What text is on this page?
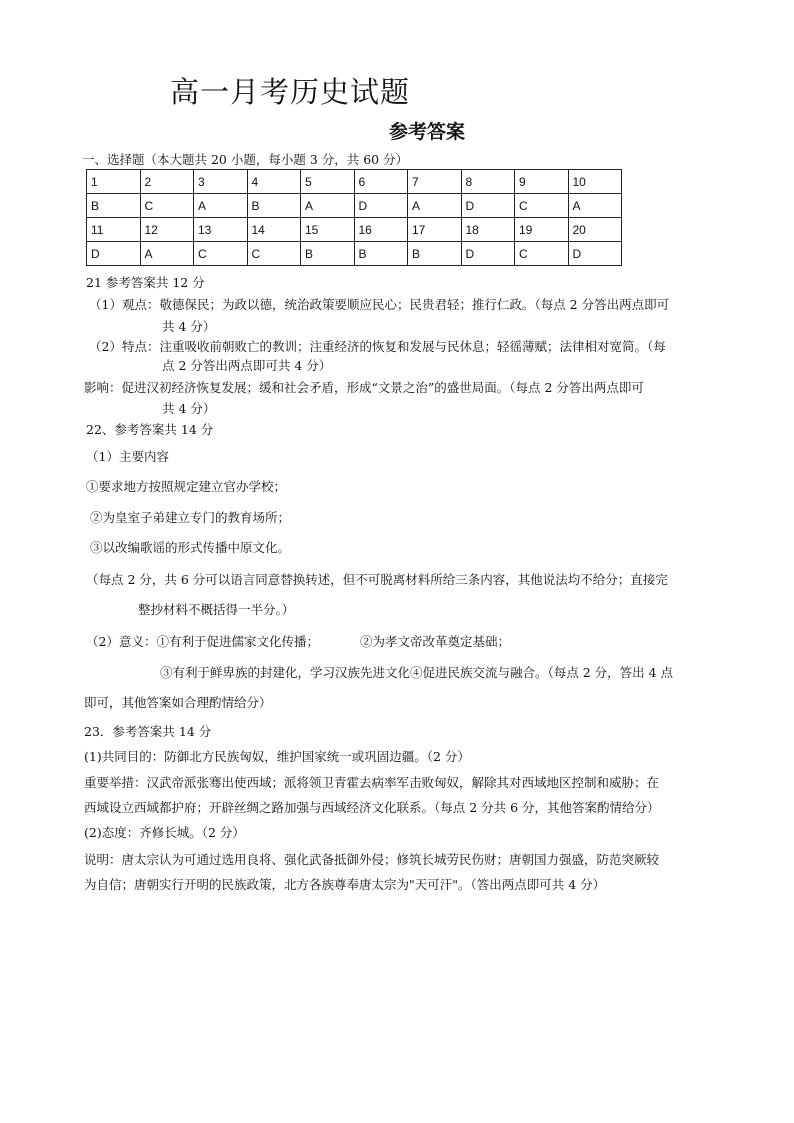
高一月考历史试题
参考答案
一、选择题（本大题共 20 小题，每小题 3 分，共 60 分）
1	2	3	4	5	6	7	8	9	10
B	C	A	B	A	D	A	D	C	A
11	12	13	14	15	16	17	18	19	20
D	A	C	C	B	B	B	D	C	D
21 参考答案共 12 分
（1）观点：敬德保民；为政以德，统治政策要顺应民心；民贵君轻；推行仁政。（每点 2 分答出两点即可
共 4 分）
（2）特点：注重吸收前朝败亡的教训；注重经济的恢复和发展与民休息；轻徭薄赋；法律相对宽简。（每
点 2 分答出两点即可共 4 分）
影响：促进汉初经济恢复发展；缓和社会矛盾，形成“文景之治”的盛世局面。（每点 2 分答出两点即可
共 4 分）
22、参考答案共 14 分
（1）主要内容
①要求地方按照规定建立官办学校；
②为皇室子弟建立专门的教育场所；
③以改编歌谣的形式传播中原文化。
（每点 2 分，共 6 分可以语言同意替换转述，但不可脱离材料所给三条内容，其他说法均不给分；直接完
整抄材料不概括得一半分。）
（2）意义：①有利于促进儒家文化传播；	②为孝文帝改革奠定基础；
③有利于鲜卑族的封建化，学习汉族先进文化④促进民族交流与融合。（每点 2 分，答出 4 点
即可，其他答案如合理酌情给分）
23．参考答案共 14 分
(1)共同目的：防御北方民族匈奴，维护国家统一或巩固边疆。（2 分）
重要举措：汉武帝派张骞出使西域；派将领卫青霍去病率军击败匈奴，解除其对西域地区控制和威胁；在
西域设立西域都护府；开辟丝绸之路加强与西域经济文化联系。（每点 2 分共 6 分，其他答案酌情给分）
(2)态度：齐修长城。（2 分）
说明：唐太宗认为可通过选用良将、强化武备抵御外侵；修筑长城劳民伤财；唐朝国力强盛，防范突厥较
为自信；唐朝实行开明的民族政策，北方各族尊奉唐太宗为"天可汗"。（答出两点即可共 4 分）
